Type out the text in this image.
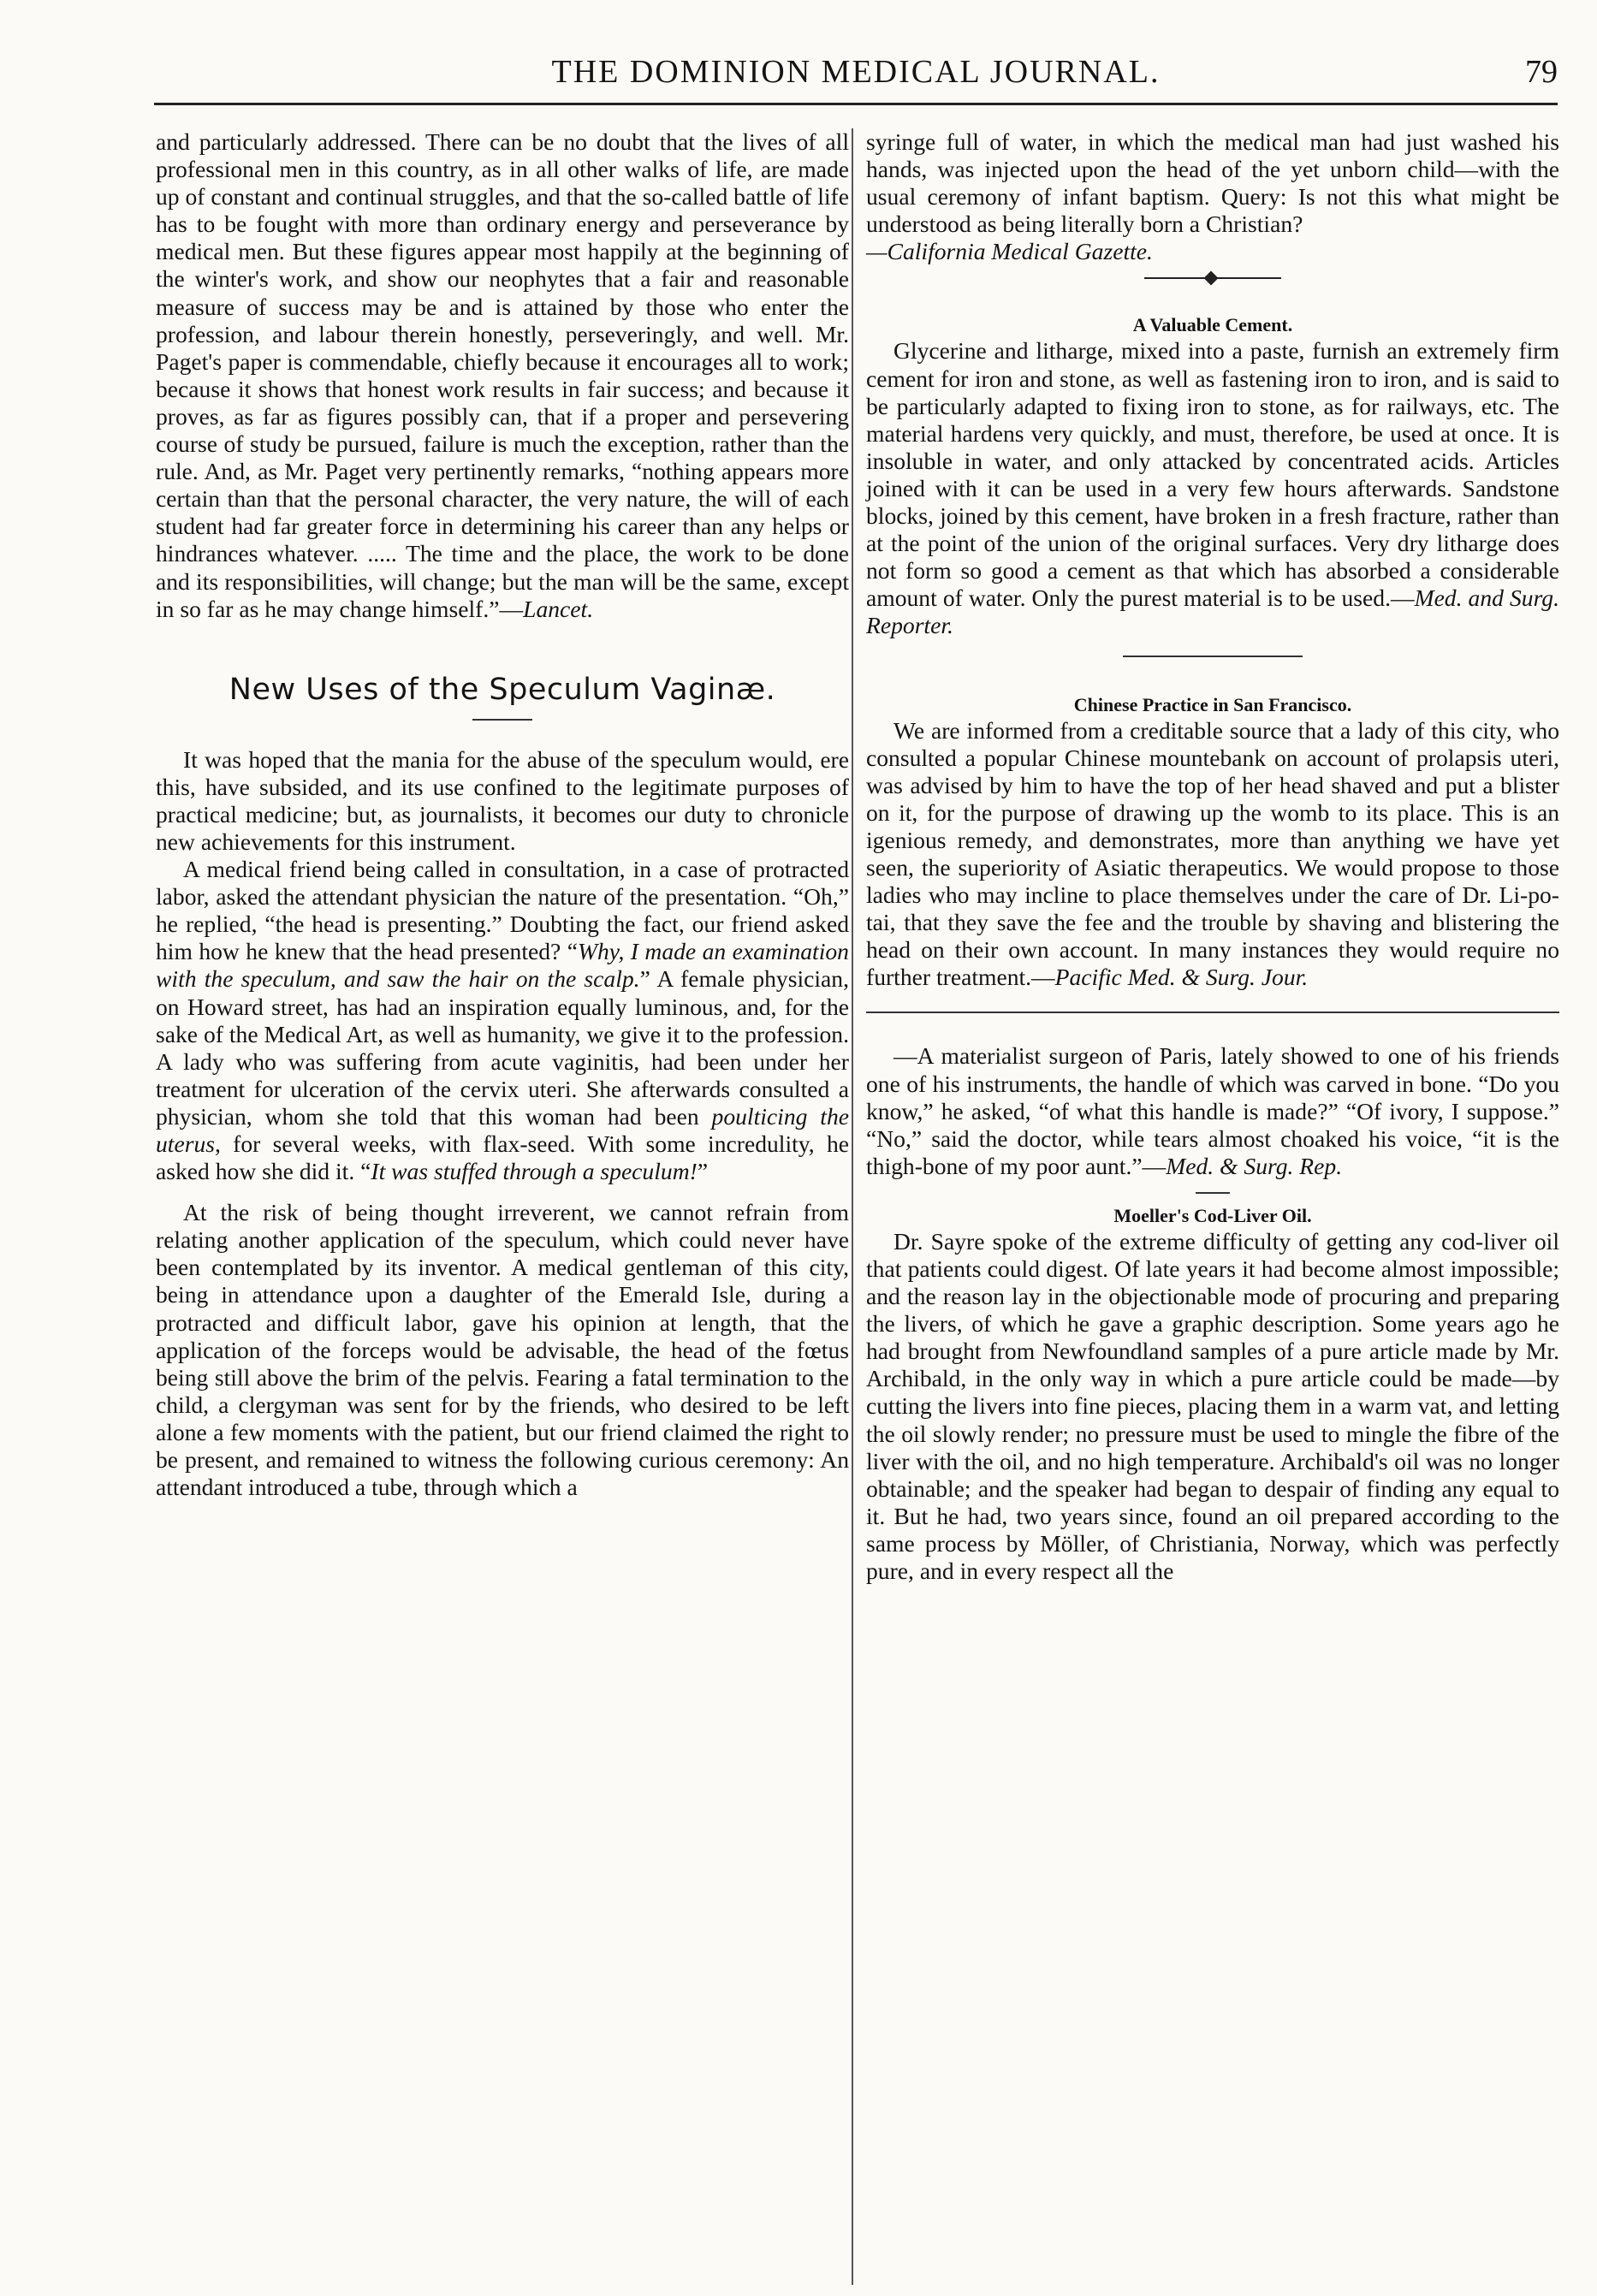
THE DOMINION MEDICAL JOURNAL.	79

and particularly addressed. There can be no doubt that the lives of all professional men in this country, as in all other walks of life, are made up of constant and continual struggles, and that the so-called battle of life has to be fought with more than ordinary energy and perseverance by medical men. But these figures appear most happily at the beginning of the winter's work, and show our neophytes that a fair and reasonable measure of success may be and is attained by those who enter the profession, and labour therein honestly, perseveringly, and well. Mr. Paget's paper is commendable, chiefly because it encourages all to work; because it shows that honest work results in fair success; and because it proves, as far as figures possibly can, that if a proper and persevering course of study be pursued, failure is much the exception, rather than the rule. And, as Mr. Paget very pertinently remarks, “nothing appears more certain than that the personal character, the very nature, the will of each student had far greater force in determining his career than any helps or hindrances whatever. ..... The time and the place, the work to be done and its responsibilities, will change; but the man will be the same, except in so far as he may change himself.”—Lancet.

New Uses of the Speculum Vaginæ.

It was hoped that the mania for the abuse of the speculum would, ere this, have subsided, and its use confined to the legitimate purposes of practical medicine; but, as journalists, it becomes our duty to chronicle new achievements for this instrument.

A medical friend being called in consultation, in a case of protracted labor, asked the attendant physician the nature of the presentation. “Oh,” he replied, “the head is presenting.” Doubting the fact, our friend asked him how he knew that the head presented? “Why, I made an examination with the speculum, and saw the hair on the scalp.” A female physician, on Howard street, has had an inspiration equally luminous, and, for the sake of the Medical Art, as well as humanity, we give it to the profession. A lady who was suffering from acute vaginitis, had been under her treatment for ulceration of the cervix uteri. She afterwards consulted a physician, whom she told that this woman had been poulticing the uterus, for several weeks, with flax-seed. With some incredulity, he asked how she did it. “It was stuffed through a speculum!”

At the risk of being thought irreverent, we cannot refrain from relating another application of the speculum, which could never have been contemplated by its inventor. A medical gentleman of this city, being in attendance upon a daughter of the Emerald Isle, during a protracted and difficult labor, gave his opinion at length, that the application of the forceps would be advisable, the head of the fœtus being still above the brim of the pelvis. Fearing a fatal termination to the child, a clergyman was sent for by the friends, who desired to be left alone a few moments with the patient, but our friend claimed the right to be present, and remained to witness the following curious ceremony: An attendant introduced a tube, through which a

syringe full of water, in which the medical man had just washed his hands, was injected upon the head of the yet unborn child—with the usual ceremony of infant baptism. Query: Is not this what might be understood as being literally born a Christian?
—California Medical Gazette.

A Valuable Cement.

Glycerine and litharge, mixed into a paste, furnish an extremely firm cement for iron and stone, as well as fastening iron to iron, and is said to be particularly adapted to fixing iron to stone, as for railways, etc. The material hardens very quickly, and must, therefore, be used at once. It is insoluble in water, and only attacked by concentrated acids. Articles joined with it can be used in a very few hours afterwards. Sandstone blocks, joined by this cement, have broken in a fresh fracture, rather than at the point of the union of the original surfaces. Very dry litharge does not form so good a cement as that which has absorbed a considerable amount of water. Only the purest material is to be used.—Med. and Surg. Reporter.

Chinese Practice in San Francisco.

We are informed from a creditable source that a lady of this city, who consulted a popular Chinese mountebank on account of prolapsis uteri, was advised by him to have the top of her head shaved and put a blister on it, for the purpose of drawing up the womb to its place. This is an igenious remedy, and demonstrates, more than anything we have yet seen, the superiority of Asiatic therapeutics. We would propose to those ladies who may incline to place themselves under the care of Dr. Li-po-tai, that they save the fee and the trouble by shaving and blistering the head on their own account. In many instances they would require no further treatment.—Pacific Med. & Surg. Jour.

—A materialist surgeon of Paris, lately showed to one of his friends one of his instruments, the handle of which was carved in bone. “Do you know,” he asked, “of what this handle is made?” “Of ivory, I suppose.” “No,” said the doctor, while tears almost choaked his voice, “it is the thigh-bone of my poor aunt.”—Med. & Surg. Rep.

Moeller's Cod-Liver Oil.

Dr. Sayre spoke of the extreme difficulty of getting any cod-liver oil that patients could digest. Of late years it had become almost impossible; and the reason lay in the objectionable mode of procuring and preparing the livers, of which he gave a graphic description. Some years ago he had brought from Newfoundland samples of a pure article made by Mr. Archibald, in the only way in which a pure article could be made—by cutting the livers into fine pieces, placing them in a warm vat, and letting the oil slowly render; no pressure must be used to mingle the fibre of the liver with the oil, and no high temperature. Archibald's oil was no longer obtainable; and the speaker had began to despair of finding any equal to it. But he had, two years since, found an oil prepared according to the same process by Möller, of Christiania, Norway, which was perfectly pure, and in every respect all the
